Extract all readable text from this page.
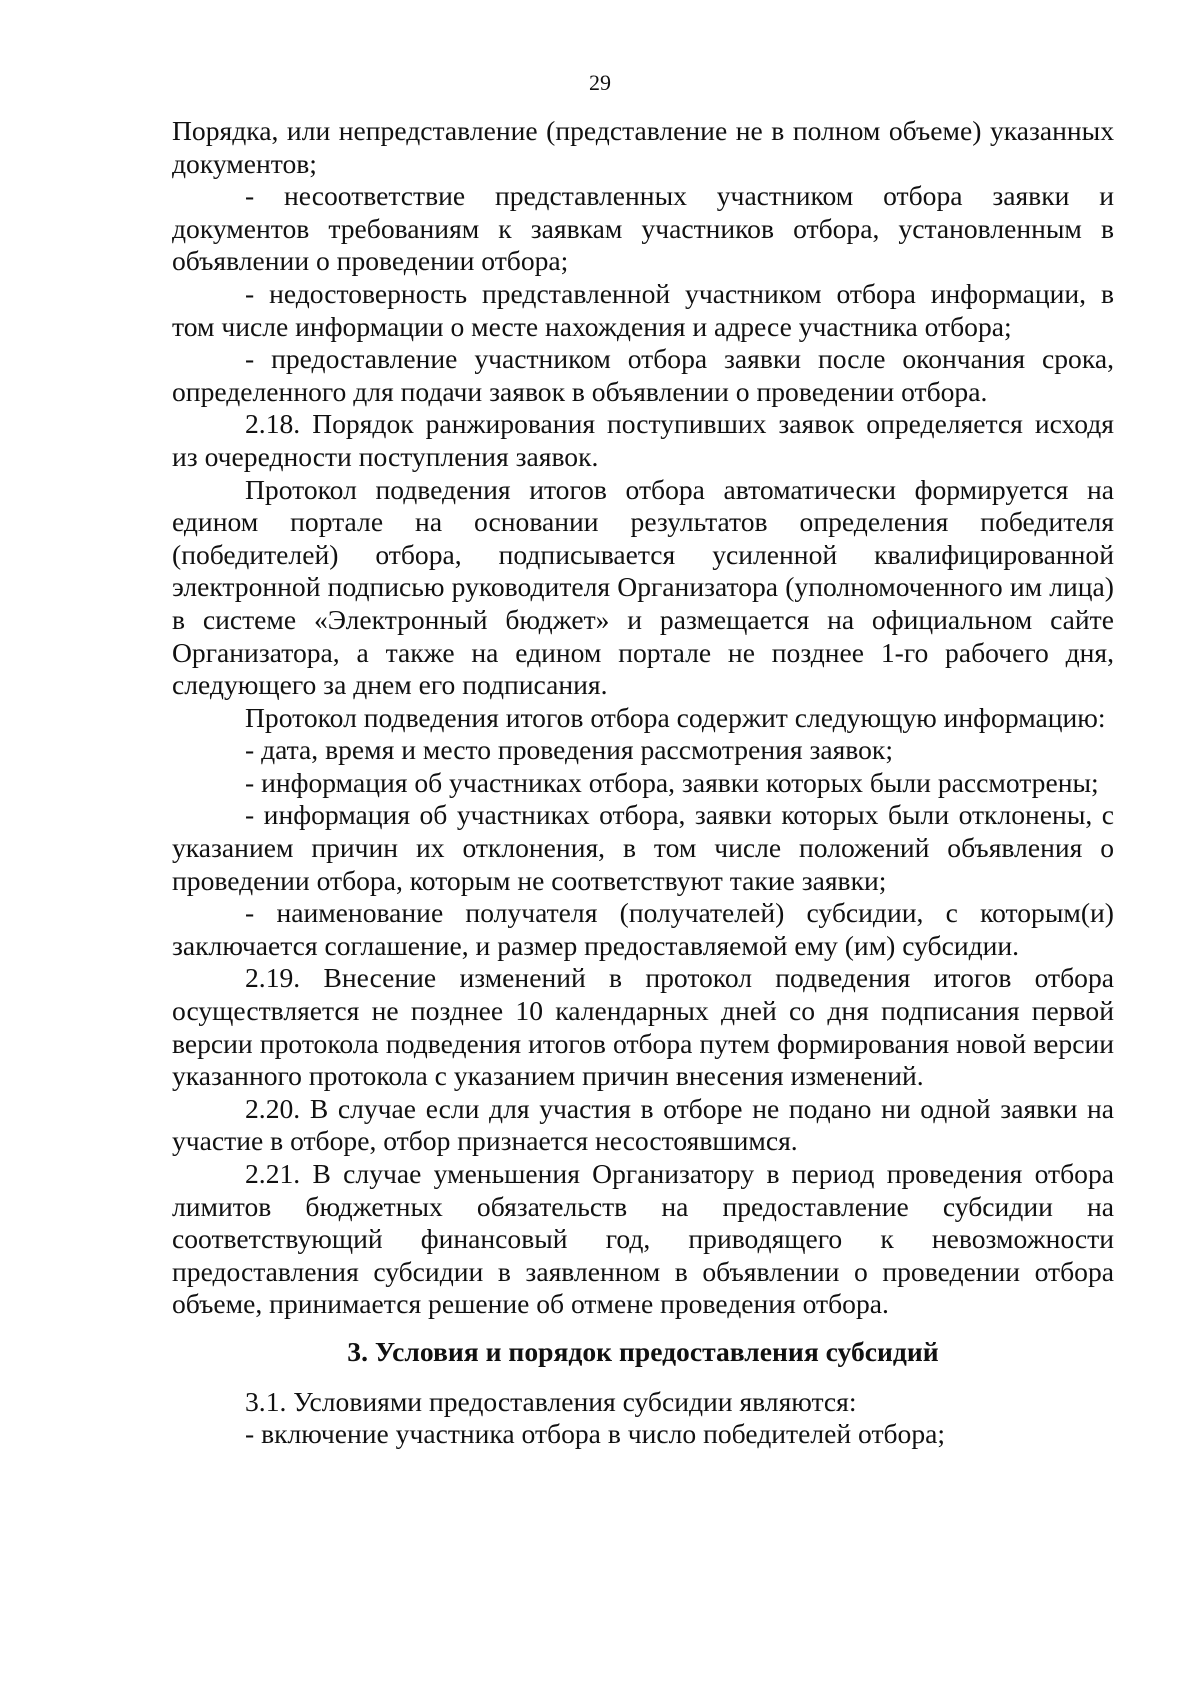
29

Порядка, или непредставление (представление не в полном объеме) указанных документов;

- несоответствие представленных участником отбора заявки и документов требованиям к заявкам участников отбора, установленным в объявлении о проведении отбора;

- недостоверность представленной участником отбора информации, в том числе информации о месте нахождения и адресе участника отбора;

- предоставление участником отбора заявки после окончания срока, определенного для подачи заявок в объявлении о проведении отбора.

2.18. Порядок ранжирования поступивших заявок определяется исходя из очередности поступления заявок.

Протокол подведения итогов отбора автоматически формируется на едином портале на основании результатов определения победителя (победителей) отбора, подписывается усиленной квалифицированной электронной подписью руководителя Организатора (уполномоченного им лица) в системе «Электронный бюджет» и размещается на официальном сайте Организатора, а также на едином портале не позднее 1-го рабочего дня, следующего за днем его подписания.

Протокол подведения итогов отбора содержит следующую информацию:

- дата, время и место проведения рассмотрения заявок;

- информация об участниках отбора, заявки которых были рассмотрены;

- информация об участниках отбора, заявки которых были отклонены, с указанием причин их отклонения, в том числе положений объявления о проведении отбора, которым не соответствуют такие заявки;

- наименование получателя (получателей) субсидии, с которым(и) заключается соглашение, и размер предоставляемой ему (им) субсидии.

2.19. Внесение изменений в протокол подведения итогов отбора осуществляется не позднее 10 календарных дней со дня подписания первой версии протокола подведения итогов отбора путем формирования новой версии указанного протокола с указанием причин внесения изменений.

2.20. В случае если для участия в отборе не подано ни одной заявки на участие в отборе, отбор признается несостоявшимся.

2.21. В случае уменьшения Организатору в период проведения отбора лимитов бюджетных обязательств на предоставление субсидии на соответствующий финансовый год, приводящего к невозможности предоставления субсидии в заявленном в объявлении о проведении отбора объеме, принимается решение об отмене проведения отбора.

3. Условия и порядок предоставления субсидий

3.1. Условиями предоставления субсидии являются:

- включение участника отбора в число победителей отбора;
